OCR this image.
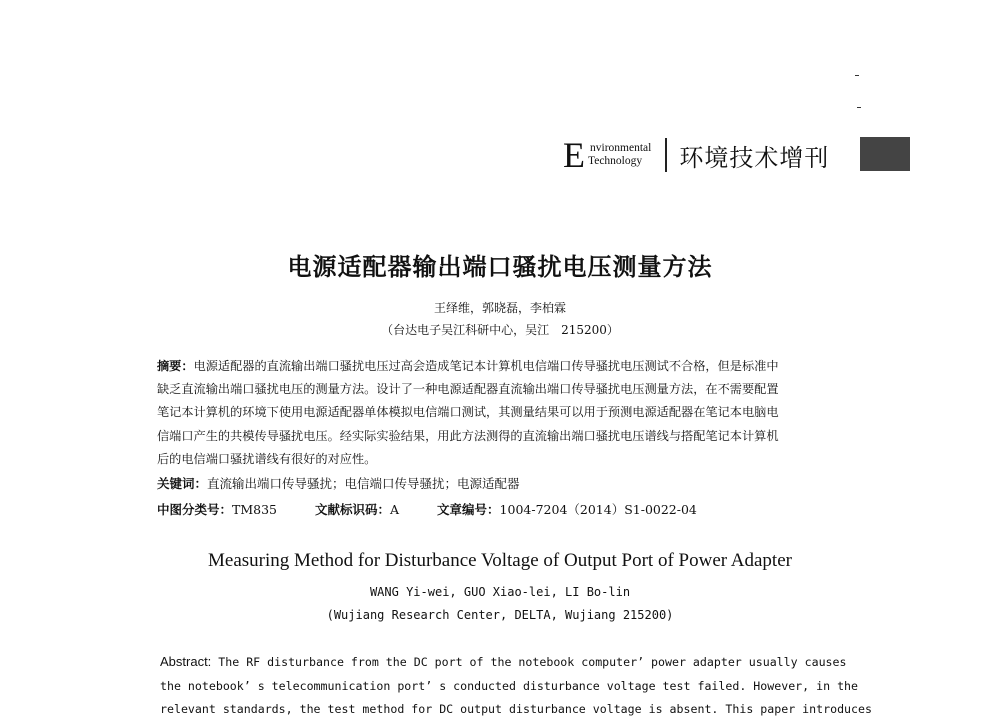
E nvironmental
Technology	环境技术增刊
电源适配器输出端口骚扰电压测量方法
王绎维，郭晓磊，李柏霖
（台达电子吴江科研中心，吴江　215200）

摘要：电源适配器的直流输出端口骚扰电压过高会造成笔记本计算机电信端口传导骚扰电压测试不合格，但是标准中

缺乏直流输出端口骚扰电压的测量方法。设计了一种电源适配器直流输出端口传导骚扰电压测量方法，在不需要配置

笔记本计算机的环境下使用电源适配器单体模拟电信端口测试，其测量结果可以用于预测电源适配器在笔记本电脑电

信端口产生的共模传导骚扰电压。经实际实验结果，用此方法测得的直流输出端口骚扰电压谱线与搭配笔记本计算机

后的电信端口骚扰谱线有很好的对应性。

关键词：直流输出端口传导骚扰；电信端口传导骚扰；电源适配器
中图分类号：TM835	文献标识码：A	文章编号：1004-7204（2014）S1-0022-04
Measuring Method for Disturbance Voltage of Output Port of Power Adapter
WANG Yi-wei, GUO Xiao-lei, LI Bo-lin
(Wujiang Research Center, DELTA, Wujiang 215200)

Abstract: The RF disturbance from the DC port of the notebook computer’ power adapter usually causes

the notebook’ s telecommunication port’ s conducted disturbance voltage test failed. However, in the

relevant standards, the test method for DC output disturbance voltage is absent. This paper introduces
